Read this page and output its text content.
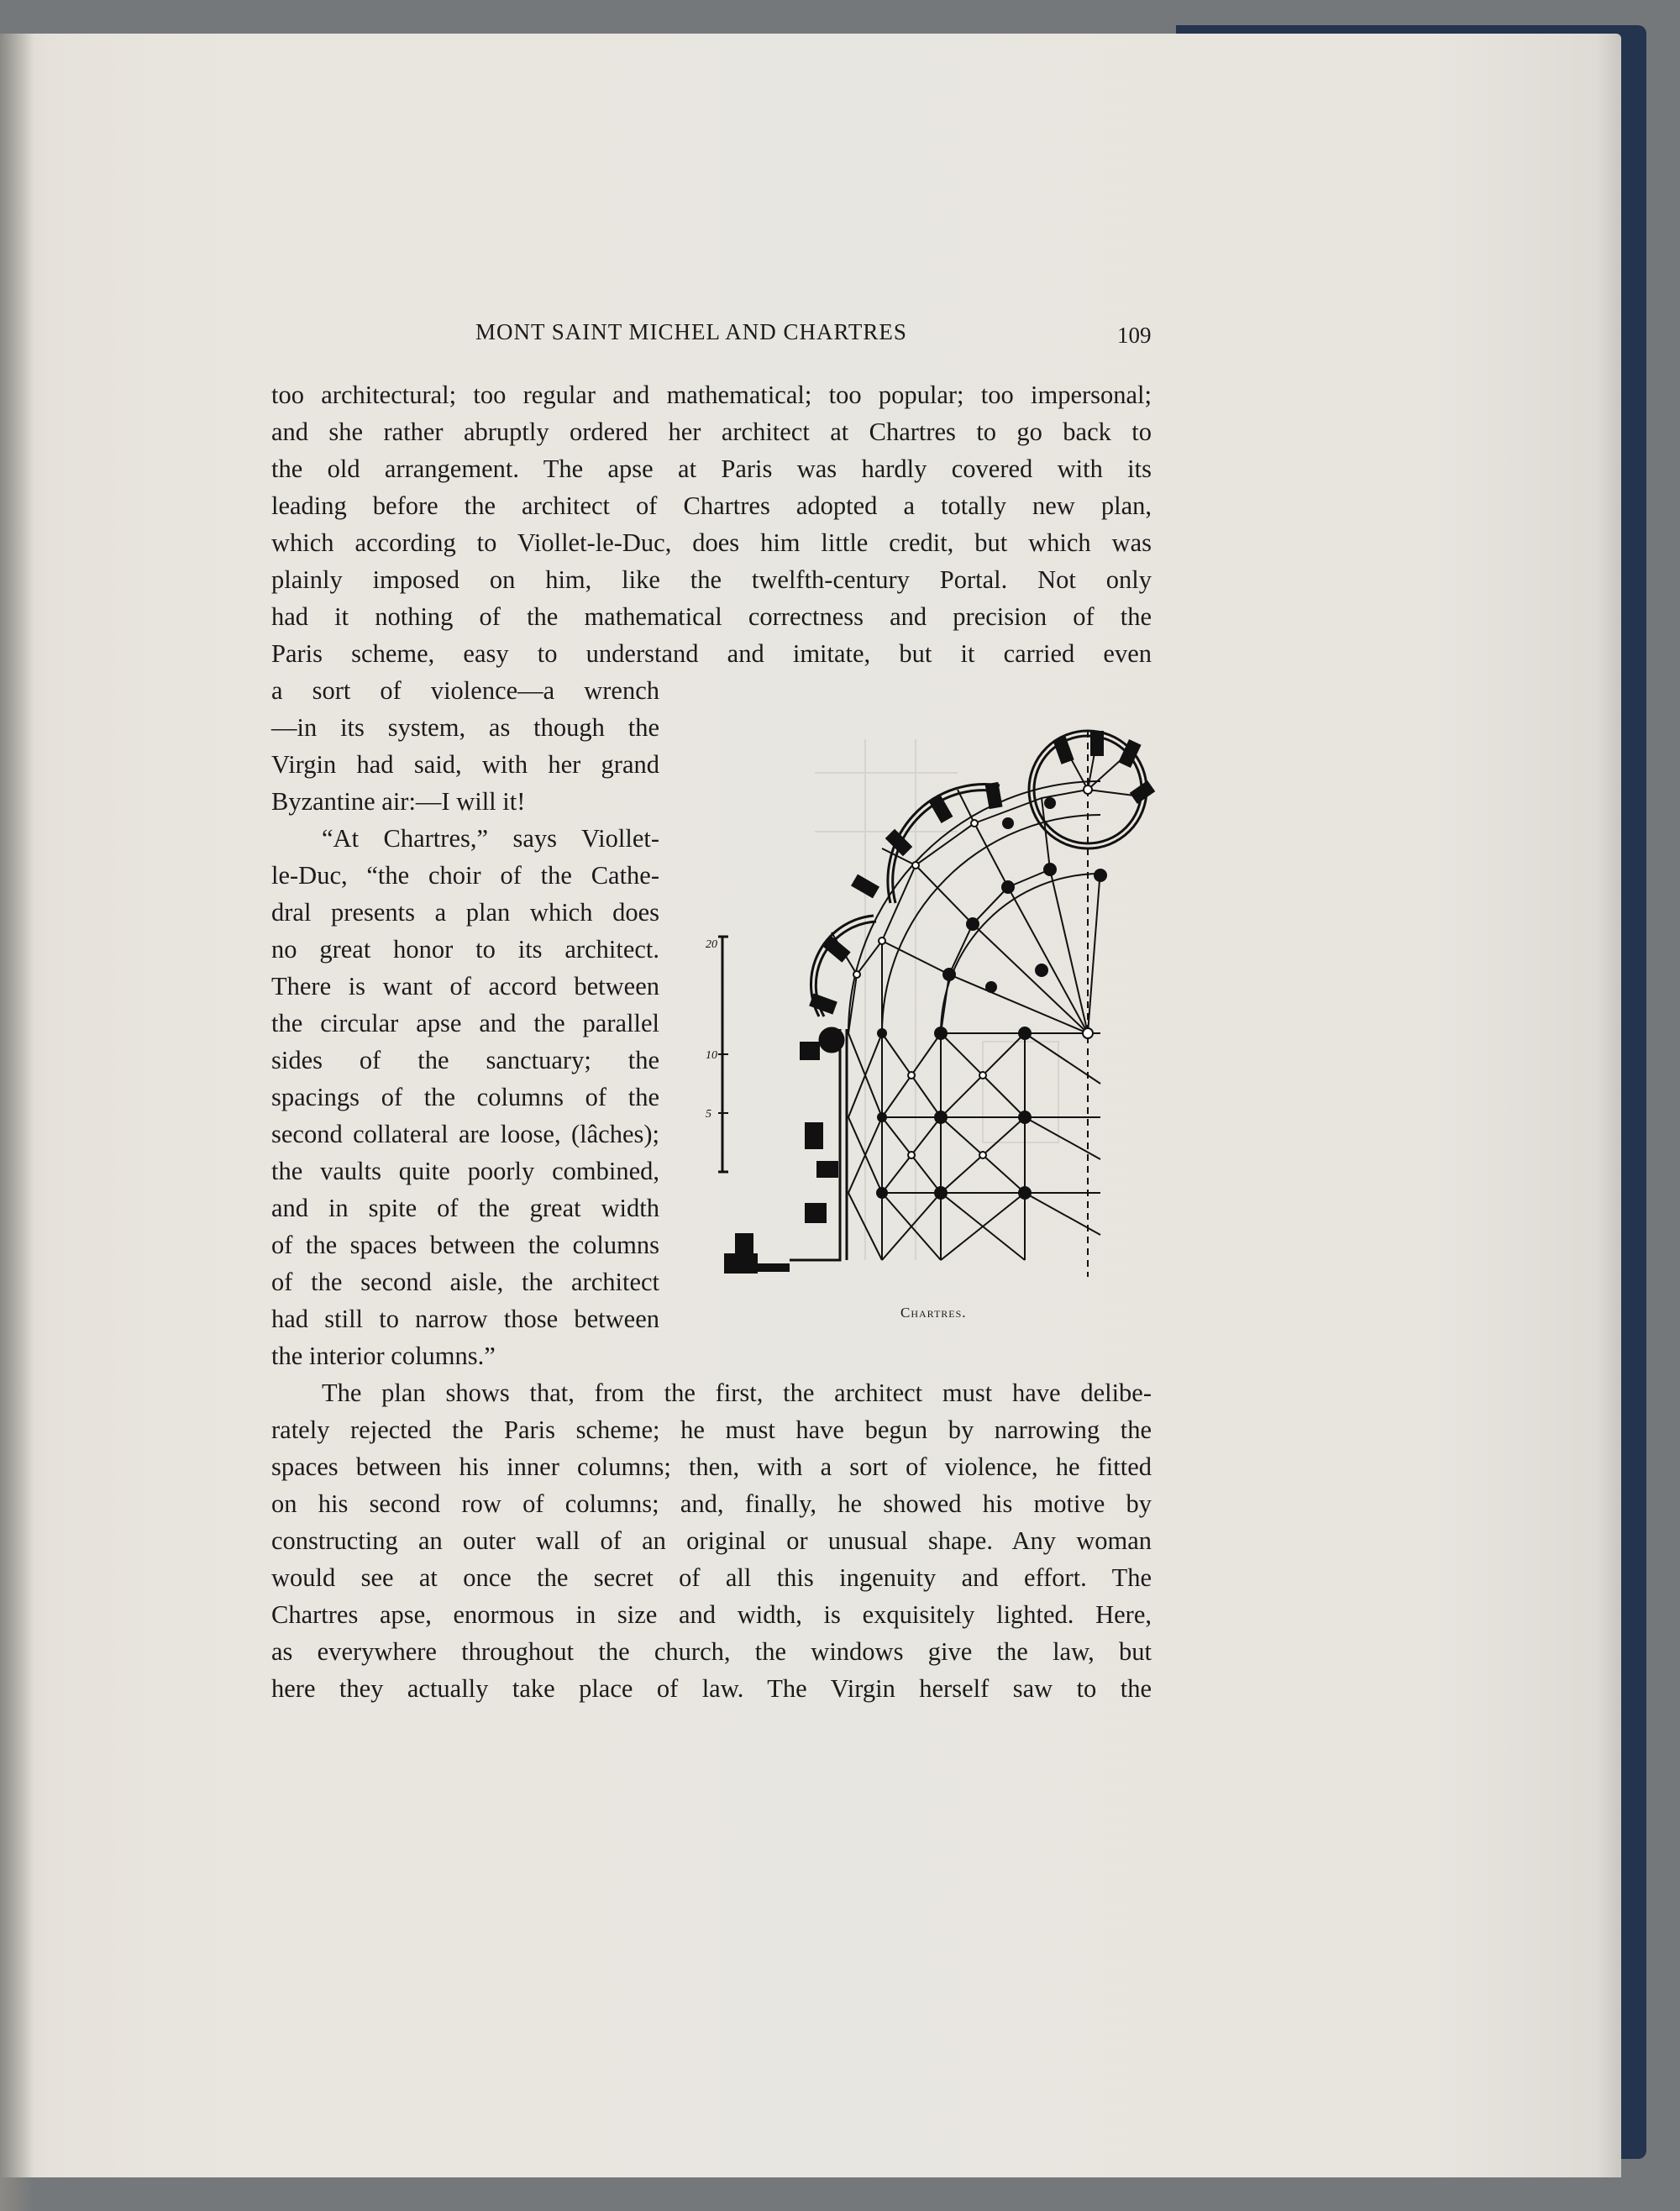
MONT SAINT MICHEL AND CHARTRES	109
too architectural; too regular and mathematical; too popular; too impersonal;
and she rather abruptly ordered her architect at Chartres to go back to
the old arrangement. The apse at Paris was hardly covered with its
leading before the architect of Chartres adopted a totally new plan,
which according to Viollet-le-Duc, does him little credit, but which was
plainly imposed on him, like the twelfth-century Portal. Not only
had it nothing of the mathematical correctness and precision of the
Paris scheme, easy to understand and imitate, but it carried even
a sort of violence—a wrench
—in its system, as though the
Virgin had said, with her grand
Byzantine air:—I will it!
“At Chartres,” says Viollet-
le-Duc, “the choir of the Cathe-
dral presents a plan which does
no great honor to its architect.
There is want of accord between
the circular apse and the parallel
sides of the sanctuary; the
spacings of the columns of the
second collateral are loose, (lâches);
the vaults quite poorly combined,
and in spite of the great width
of the spaces between the columns
of the second aisle, the architect
had still to narrow those between
the interior columns.”
The plan shows that, from the first, the architect must have delibe-
rately rejected the Paris scheme; he must have begun by narrowing the
spaces between his inner columns; then, with a sort of violence, he fitted
on his second row of columns; and, finally, he showed his motive by
constructing an outer wall of an original or unusual shape. Any woman
would see at once the secret of all this ingenuity and effort. The
Chartres apse, enormous in size and width, is exquisitely lighted. Here,
as everywhere throughout the church, the windows give the law, but
here they actually take place of law. The Virgin herself saw to the
20
10
5
Chartres.
